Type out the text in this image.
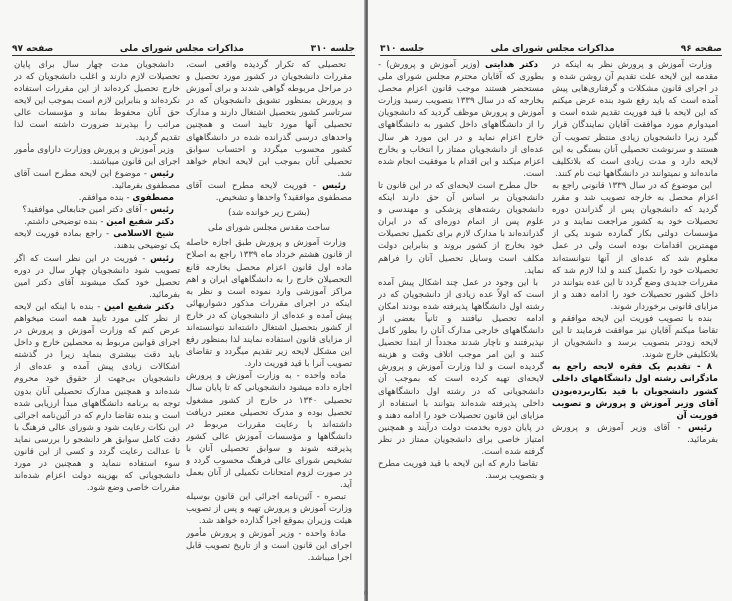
جلسه ۳۱۰
مذاکرات مجلس شورای ملی
صفحه ۹۷

تحصیلی که تکرار گردیده واقعی است، مقررات دانشجویان در کشور مورد تحصیل و در مراحل مربوطه گواهی شدند و برای آموزش و پرورش بمنظور تشویق دانشجویان که در سرتاسر کشور بتحصیل اشتغال دارند و مدارک تحصیلی آنها مورد تایید است و همچنین واحدهای درسی گذرانده شده در دانشگاههای کشور محسوب میگردد و احتساب سوابق تحصیلی آنان بموجب این لایحه انجام خواهد شد.

رئیس - فوریت لایحه مطرح است آقای مصطفوی موافقید؟ واحدها و تشخیص.

(بشرح زیر خوانده شد)

ساحت مقدس مجلس شورای ملی

وزارت آموزش و پرورش طبق اجازه حاصله از قانون هشتم خرداد ماه ۱۳۳۹ راجع به اصلاح ماده اول قانون اعزام محصل بخارجه قانع التحصیلان خارج را به دانشگاههای ایران و اهم مراکز آموزشی وارد نموده است و نظر به اینکه در اجرای مقررات مذکور دشواریهائی پیش آمده و عده‌ای از دانشجویان که در خارج از کشور بتحصیل اشتغال داشته‌اند نتوانسته‌اند از مزایای قانون استفاده نمایند لذا بمنظور رفع این مشکل لایحه زیر تقدیم میگردد و تقاضای تصویب آنرا با قید فوریت دارد.

ماده واحده - به وزارت آموزش و پرورش اجازه داده میشود دانشجویانی که تا پایان سال تحصیلی ۱۳۴۰ در خارج از کشور مشغول تحصیل بوده و مدرک تحصیلی معتبر دریافت داشته‌اند با رعایت مقررات مربوط در دانشگاهها و مؤسسات آموزش عالی کشور پذیرفته شوند و سوابق تحصیلی آنان با تشخیص شورای عالی فرهنگ محسوب گردد و در صورت لزوم امتحانات تکمیلی از آنان بعمل آید.

تبصره - آئین‌نامه اجرائی این قانون بوسیله وزارت آموزش و پرورش تهیه و پس از تصویب هیئت وزیران بموقع اجرا گذارده خواهد شد.

مادهٔ واحده - وزیر آموزش و پرورش مأمور اجرای این قانون است و از تاریخ تصویب قابل اجرا میباشد.

دانشجویان مدت چهار سال برای پایان تحصیلات لازم دارند و اغلب دانشجویان که در خارج تحصیل کرده‌اند از این مقررات استفاده نکرده‌اند و بنابراین لازم است بموجب این لایحه حق آنان محفوظ بماند و مؤسسات عالی مراتب را بپذیرند ضرورت داشته است لذا تقدیم گردید.

وزیر آموزش و پرورش ووزارت داراوی مأمور اجرای این قانون میباشند.

رئیس - موضوع این لایحه مطرح است آقای مصطفوی بفرمائید.

مصطفوی - بنده موافقم.

رئیس - آقای دکتر امین جنابعالی موافقید؟

دکتر شفیع امین - بنده توضیحی داشتم.

شیخ الاسلامی - راجع بماده فوریت لایحه یک توضیحی بدهند.

رئیس - فوریت در این نظر است که اگر تصویب شود دانشجویان چهار سال در دوره تحصیل خود کمک میشوند آقای دکتر امین بفرمائید.

دکتر شفیع امین - بنده با اینکه این لایحه از نظر کلی مورد تایید همه است میخواهم عرض کنم که وزارت آموزش و پرورش در اجرای قوانین مربوط به محصلین خارج و داخل باید دقت بیشتری بنماید زیرا در گذشته اشکالات زیادی پیش آمده و عده‌ای از دانشجویان بی‌جهت از حقوق خود محروم شده‌اند و همچنین مدارک تحصیلی آنان بدون توجه به برنامه دانشگاههای مبدأ ارزیابی شده است و بنده تقاضا دارم که در آئین‌نامه اجرائی این نکات رعایت شود و شورای عالی فرهنگ با دقت کامل سوابق هر دانشجو را بررسی نماید تا عدالت رعایت گردد و کسی از این قانون سوء استفاده ننماید و همچنین در مورد دانشجویانی که بهزینه دولت اعزام شده‌اند مقررات خاصی وضع شود.

صفحه ۹۶
مذاکرات مجلس شورای ملی
جلسه ۳۱۰

وزارت آموزش و پرورش نظر به اینکه در مقدمه این لایحه علت تقدیم آن روشن شده و در اجرای قانون مشکلات و گرفتاری‌هایی پیش آمده است که باید رفع شود بنده عرض میکنم که این لایحه با قید فوریت تقدیم شده است و امیدوارم مورد موافقت آقایان نمایندگان قرار گیرد زیرا دانشجویان زیادی منتظر تصویب آن هستند و سرنوشت تحصیلی آنان بستگی به این لایحه دارد و مدت زیادی است که بلاتکلیف مانده‌اند و نمیتوانند در دانشگاهها ثبت نام کنند.

این موضوع که در سال ۱۳۳۹ قانونی راجع به اعزام محصل به خارجه تصویب شد و مقرر گردید که دانشجویان پس از گذراندن دوره تحصیلات خود به کشور مراجعت نمایند و در مؤسسات دولتی بکار گمارده شوند یکی از مهمترین اقدامات بوده است ولی در عمل معلوم شد که عده‌ای از آنها نتوانسته‌اند تحصیلات خود را تکمیل کنند و لذا لازم شد که مقررات جدیدی وضع گردد تا این عده بتوانند در داخل کشور تحصیلات خود را ادامه دهند و از مزایای قانونی برخوردار شوند.

بنده با تصویب فوریت این لایحه موافقم و تقاضا میکنم آقایان نیز موافقت فرمایند تا این لایحه زودتر بتصویب برسد و دانشجویان از بلاتکلیفی خارج شوند.

۸ - تقدیم یک فقره لایحه راجع به مادگرانی رشته اول دانشگاههای داخلی کشور دانشجویان با قید بکاربرده‌بودن آقای وزیر آموزش و پرورش و تصویب فوریت آن

رئیس - آقای وزیر آموزش و پرورش بفرمائید.

دکتر هدایتی (وزیر آموزش و پرورش) - بطوری که آقایان محترم مجلس شورای ملی مستحضر هستند موجب قانون اعزام محصل بخارجه که در سال ۱۳۳۹ بتصویب رسید وزارت آموزش و پرورش موظف گردید که دانشجویان را از دانشگاههای داخل کشور به دانشگاههای خارج اعزام نماید و در این مورد هر سال عده‌ای از دانشجویان ممتاز را انتخاب و بخارج اعزام میکند و این اقدام با موفقیت انجام شده است.

حال مطرح است لایحه‌ای که در این قانون تا دانشجویان بر اساس آن حق دارند اینکه دانشجویان رشته‌های پزشکی و مهندسی و علوم پس از اتمام دوره‌ای که در ایران گذرانده‌اند با مدارک لازم برای تکمیل تحصیلات خود بخارج از کشور بروند و بنابراین دولت مکلف است وسایل تحصیل آنان را فراهم نماید.

با این وجود در عمل چند اشکال پیش آمده است که اولاً عده زیادی از دانشجویان که در رشته اول دانشگاهها پذیرفته شده بودند امکان ادامه تحصیل نیافتند و ثانیاً بعضی از دانشگاههای خارجی مدارک آنان را بطور کامل نپذیرفتند و ناچار شدند مجدداً از ابتدا تحصیل کنند و این امر موجب اتلاف وقت و هزینه گردیده است و لذا وزارت آموزش و پرورش لایحه‌ای تهیه کرده است که بموجب آن دانشجویانی که در رشته اول دانشگاههای داخلی پذیرفته شده‌اند بتوانند با استفاده از مزایای این قانون تحصیلات خود را ادامه دهند و در پایان دوره بخدمت دولت درآیند و همچنین امتیاز خاصی برای دانشجویان ممتاز در نظر گرفته شده است.

تقاضا دارم که این لایحه با قید فوریت مطرح و بتصویب برسد.

۵
